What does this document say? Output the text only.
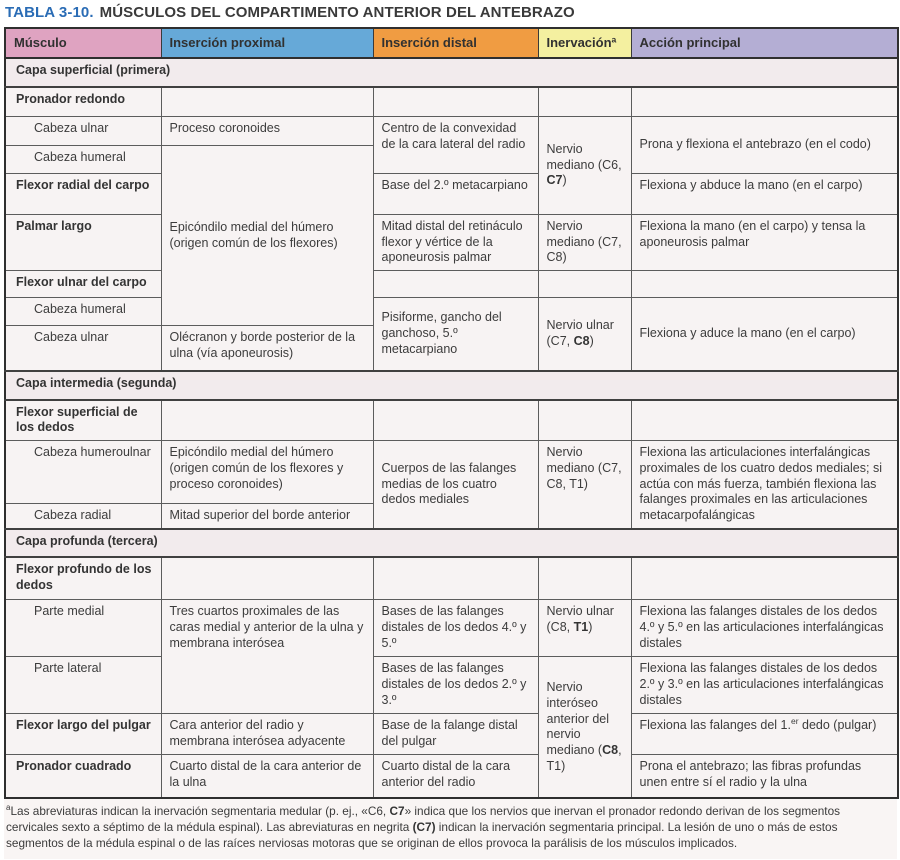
TABLA 3-10. MÚSCULOS DEL COMPARTIMENTO ANTERIOR DEL ANTEBRAZO
Músculo	Inserción proximal	Inserción distal	Inervaciónª	Acción principal
Capa superficial (primera)				
Pronador redondo				
Cabeza ulnar	Proceso coronoides	Centro de la convexidad de la cara lateral del radio	Nervio mediano (C6, C7)	Prona y flexiona el antebrazo (en el codo)
Cabeza humeral	Epicóndilo medial del húmero (origen común de los flexores)			
Flexor radial del carpo		Base del 2.º metacarpiano		Flexiona y abduce la mano (en el carpo)
Palmar largo		Mitad distal del retináculo flexor y vértice de la aponeurosis palmar	Nervio mediano (C7, C8)	Flexiona la mano (en el carpo) y tensa la aponeurosis palmar
Flexor ulnar del carpo				
Cabeza humeral		Pisiforme, gancho del ganchoso, 5.º metacarpiano	Nervio ulnar (C7, C8)	Flexiona y aduce la mano (en el carpo)
Cabeza ulnar	Olécranon y borde posterior de la ulna (vía aponeurosis)			
Capa intermedia (segunda)				
Flexor superficial de los dedos				
Cabeza humeroulnar	Epicóndilo medial del húmero (origen común de los flexores y proceso coronoides)	Cuerpos de las falanges medias de los cuatro dedos mediales	Nervio mediano (C7, C8, T1)	Flexiona las articulaciones interfalángicas proximales de los cuatro dedos mediales; si actúa con más fuerza, también flexiona las falanges proximales en las articulaciones metacarpofalángicas
Cabeza radial	Mitad superior del borde anterior			
Capa profunda (tercera)				
Flexor profundo de los dedos				
Parte medial	Tres cuartos proximales de las caras medial y anterior de la ulna y membrana interósea	Bases de las falanges distales de los dedos 4.º y 5.º	Nervio ulnar (C8, T1)	Flexiona las falanges distales de los dedos 4.º y 5.º en las articulaciones interfalángicas distales
Parte lateral		Bases de las falanges distales de los dedos 2.º y 3.º	Nervio interóseo anterior del nervio mediano (C8, T1)	Flexiona las falanges distales de los dedos 2.º y 3.º en las articulaciones interfalángicas distales
Flexor largo del pulgar	Cara anterior del radio y membrana interósea adyacente	Base de la falange distal del pulgar		Flexiona las falanges del 1.$^{er}$ dedo (pulgar)
Pronador cuadrado	Cuarto distal de la cara anterior de la ulna	Cuarto distal de la cara anterior del radio		Prona el antebrazo; las fibras profundas unen entre sí el radio y la ulna
$^a$Las abreviaturas indican la inervación segmentaria medular (p. ej., «C6, C7» indica que los nervios que inervan el pronador redondo derivan de los segmentos cervicales sexto a séptimo de la médula espinal). Las abreviaturas en negrita (C7) indican la inervación segmentaria principal. La lesión de uno o más de estos segmentos de la médula espinal o de las raíces nerviosas motoras que se originan de ellos provoca la parálisis de los músculos implicados.
